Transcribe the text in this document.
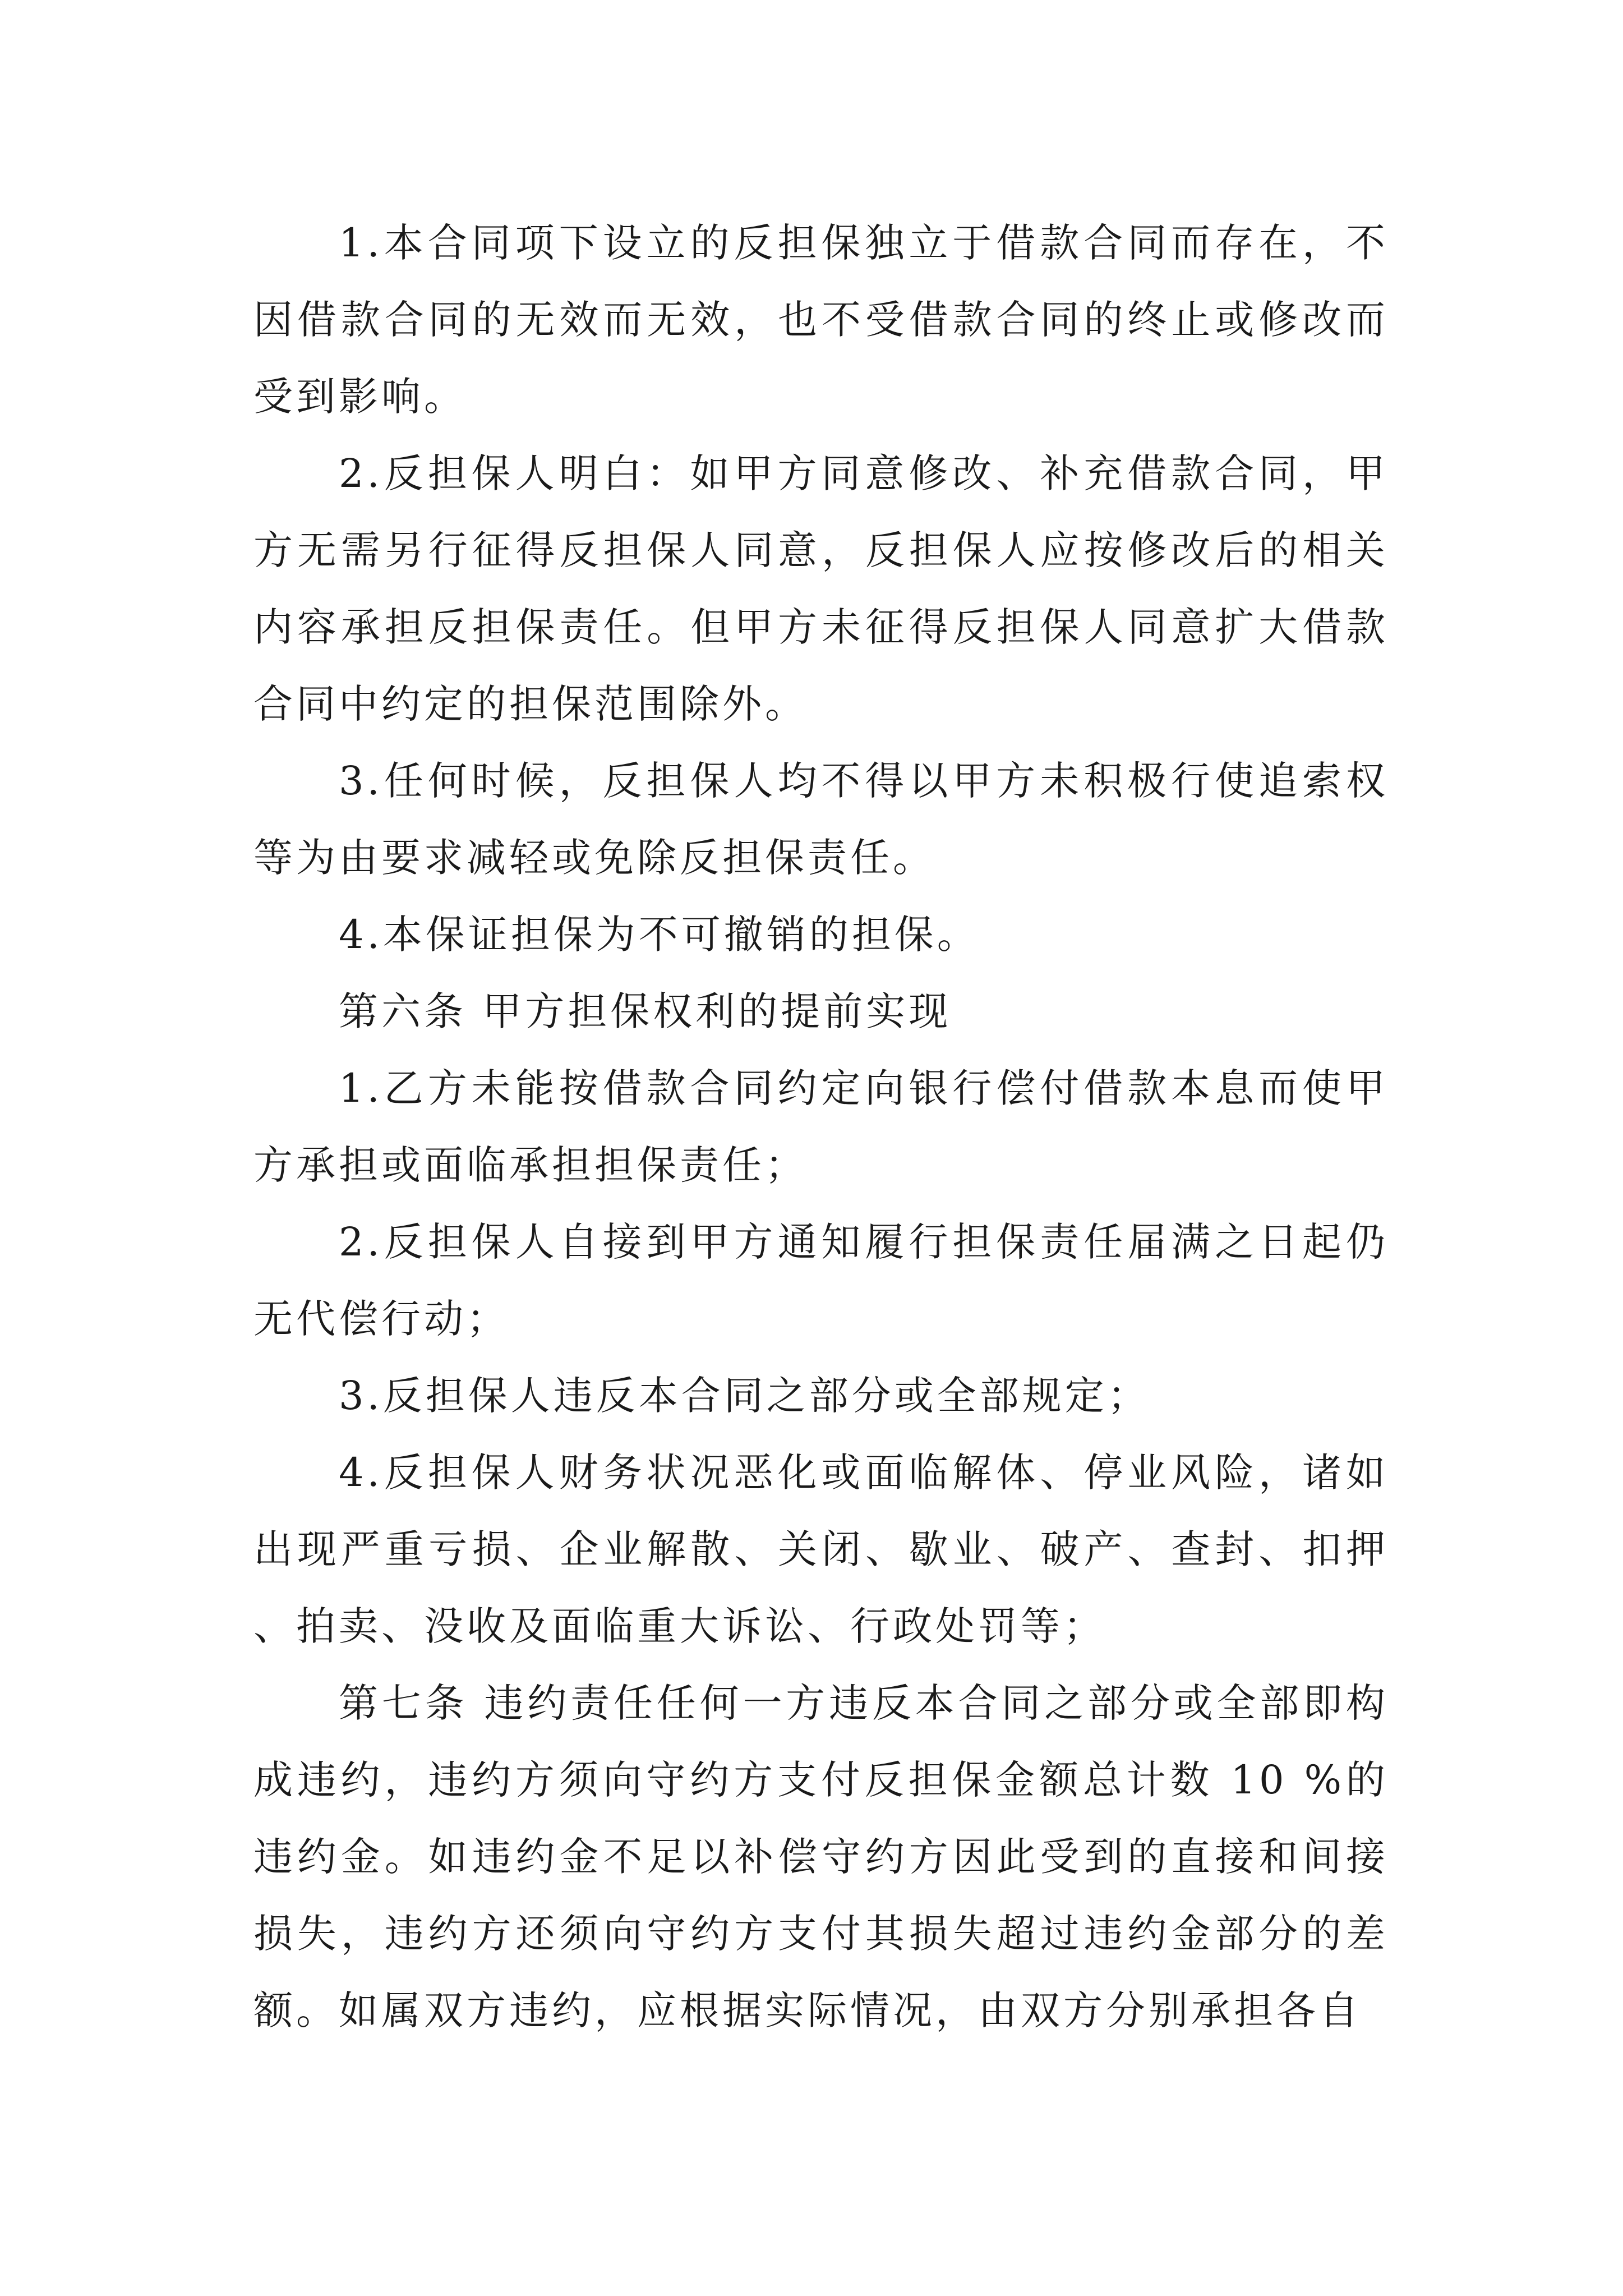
1.本合同项下设立的反担保独立于借款合同而存在，不因借款合同的无效而无效，也不受借款合同的终止或修改而受到影响。

2.反担保人明白：如甲方同意修改、补充借款合同，甲方无需另行征得反担保人同意，反担保人应按修改后的相关内容承担反担保责任。但甲方未征得反担保人同意扩大借款合同中约定的担保范围除外。

3.任何时候，反担保人均不得以甲方未积极行使追索权等为由要求减轻或免除反担保责任。

4.本保证担保为不可撤销的担保。

第六条 甲方担保权利的提前实现

1.乙方未能按借款合同约定向银行偿付借款本息而使甲方承担或面临承担担保责任；

2.反担保人自接到甲方通知履行担保责任届满之日起仍无代偿行动；

3.反担保人违反本合同之部分或全部规定；

4.反担保人财务状况恶化或面临解体、停业风险，诸如出现严重亏损、企业解散、关闭、歇业、破产、查封、扣押、拍卖、没收及面临重大诉讼、行政处罚等；

第七条 违约责任任何一方违反本合同之部分或全部即构成违约，违约方须向守约方支付反担保金额总计数 10 %的违约金。如违约金不足以补偿守约方因此受到的直接和间接损失，违约方还须向守约方支付其损失超过违约金部分的差额。如属双方违约，应根据实际情况，由双方分别承担各自
